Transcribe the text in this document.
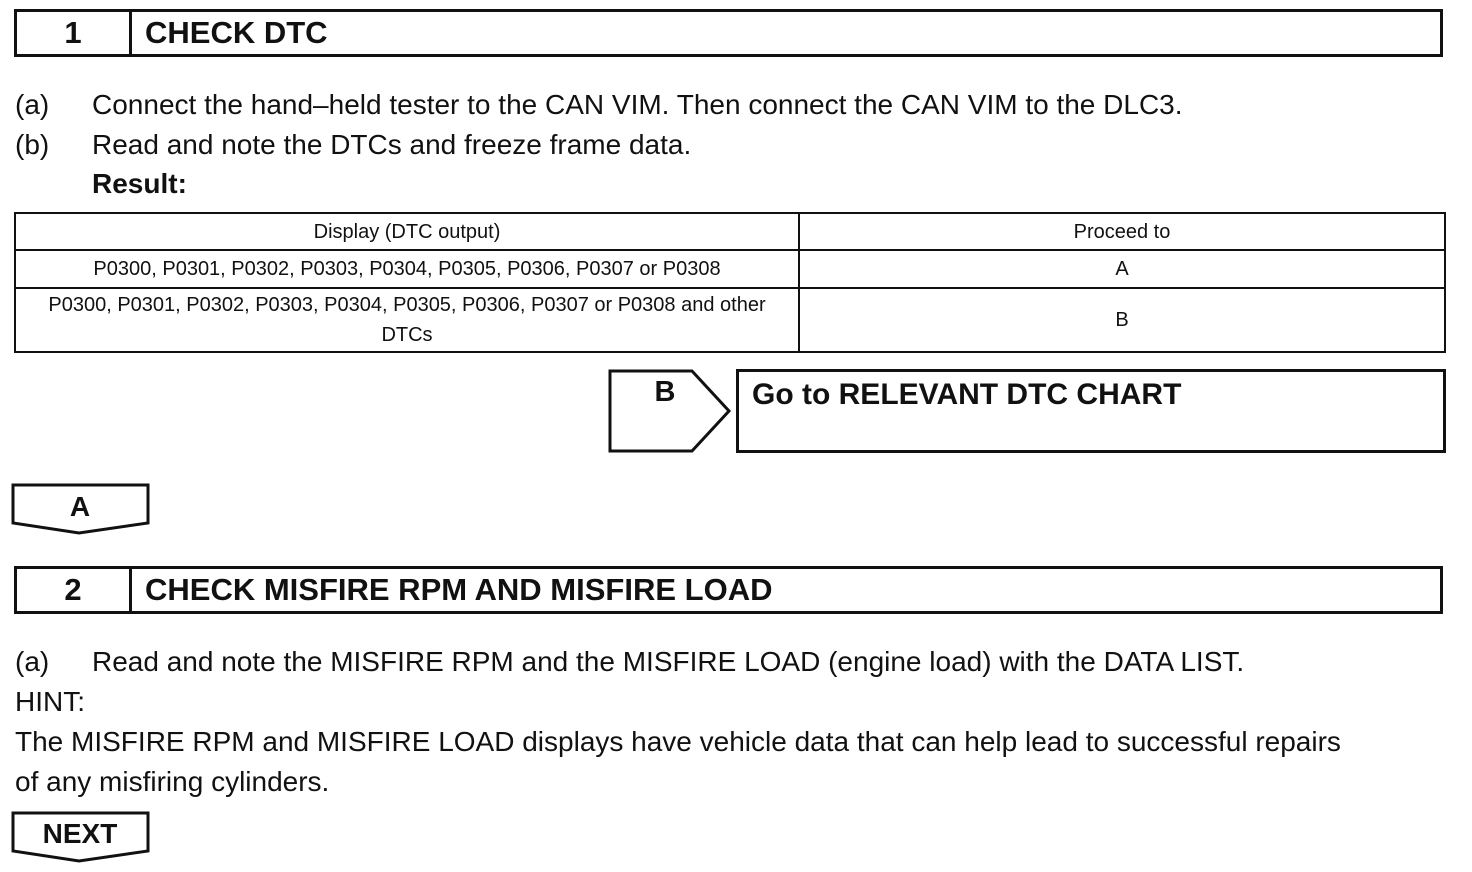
1	CHECK DTC
(a) Connect the hand–held tester to the CAN VIM. Then connect the CAN VIM to the DLC3.
(b) Read and note the DTCs and freeze frame data.
Result:
Display (DTC output)	Proceed to
P0300, P0301, P0302, P0303, P0304, P0305, P0306, P0307 or P0308	A
P0300, P0301, P0302, P0303, P0304, P0305, P0306, P0307 or P0308 and other DTCs	B
B	Go to RELEVANT DTC CHART
A
2	CHECK MISFIRE RPM AND MISFIRE LOAD
(a) Read and note the MISFIRE RPM and the MISFIRE LOAD (engine load) with the DATA LIST.
HINT:
The MISFIRE RPM and MISFIRE LOAD displays have vehicle data that can help lead to successful repairs
of any misfiring cylinders.
NEXT
